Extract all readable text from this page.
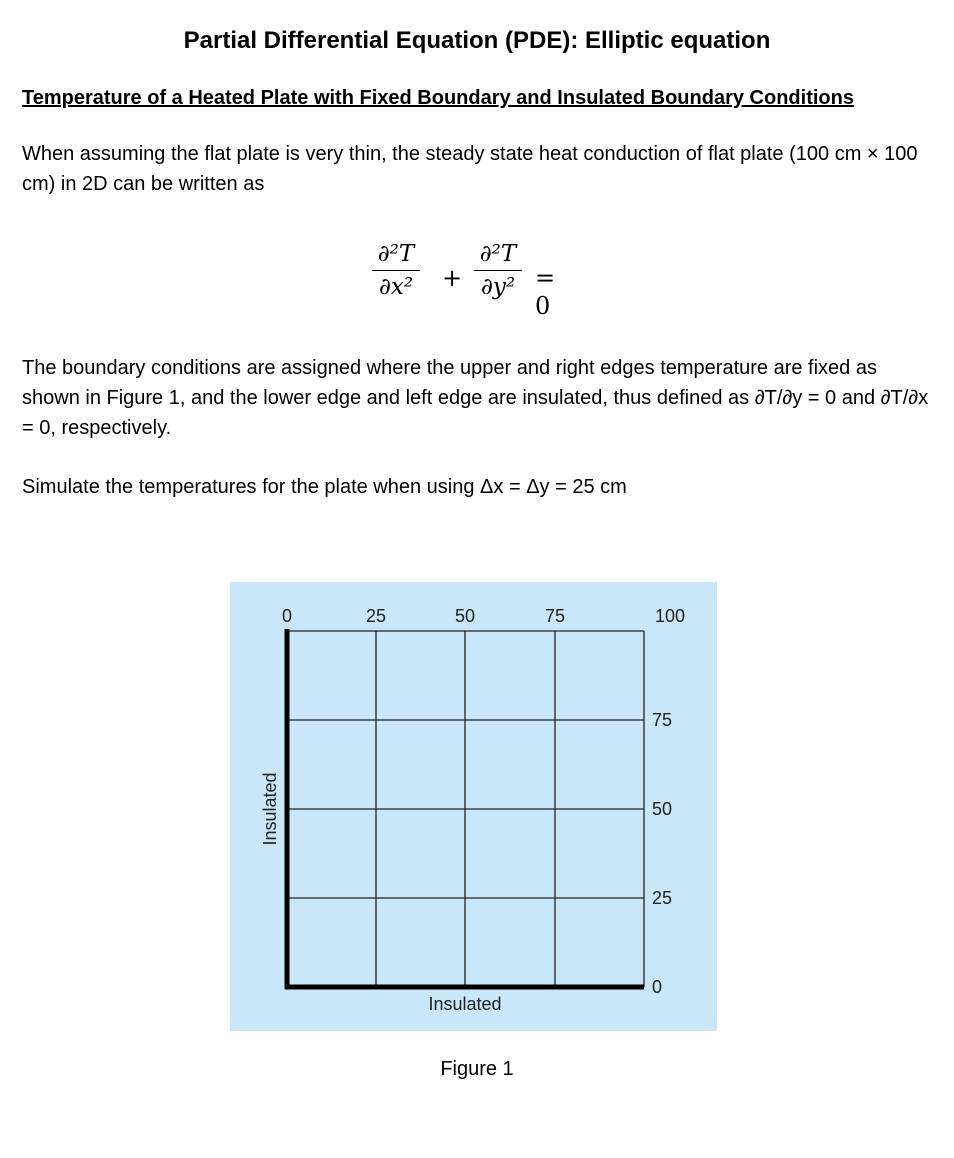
Partial Differential Equation (PDE): Elliptic equation
Temperature of a Heated Plate with Fixed Boundary and Insulated Boundary Conditions
When assuming the flat plate is very thin, the steady state heat conduction of flat plate (100 cm × 100 cm) in 2D can be written as
∂²T
∂x² +
∂²T
∂y² = 0
The boundary conditions are assigned where the upper and right edges temperature are fixed as shown in Figure 1, and the lower edge and left edge are insulated, thus defined as ∂T/∂y = 0 and ∂T/∂x = 0, respectively.
Simulate the temperatures for the plate when using Δx = Δy = 25 cm
0	25	50	75	100
75
50
25
0
Insulated
Insulated
Figure 1
